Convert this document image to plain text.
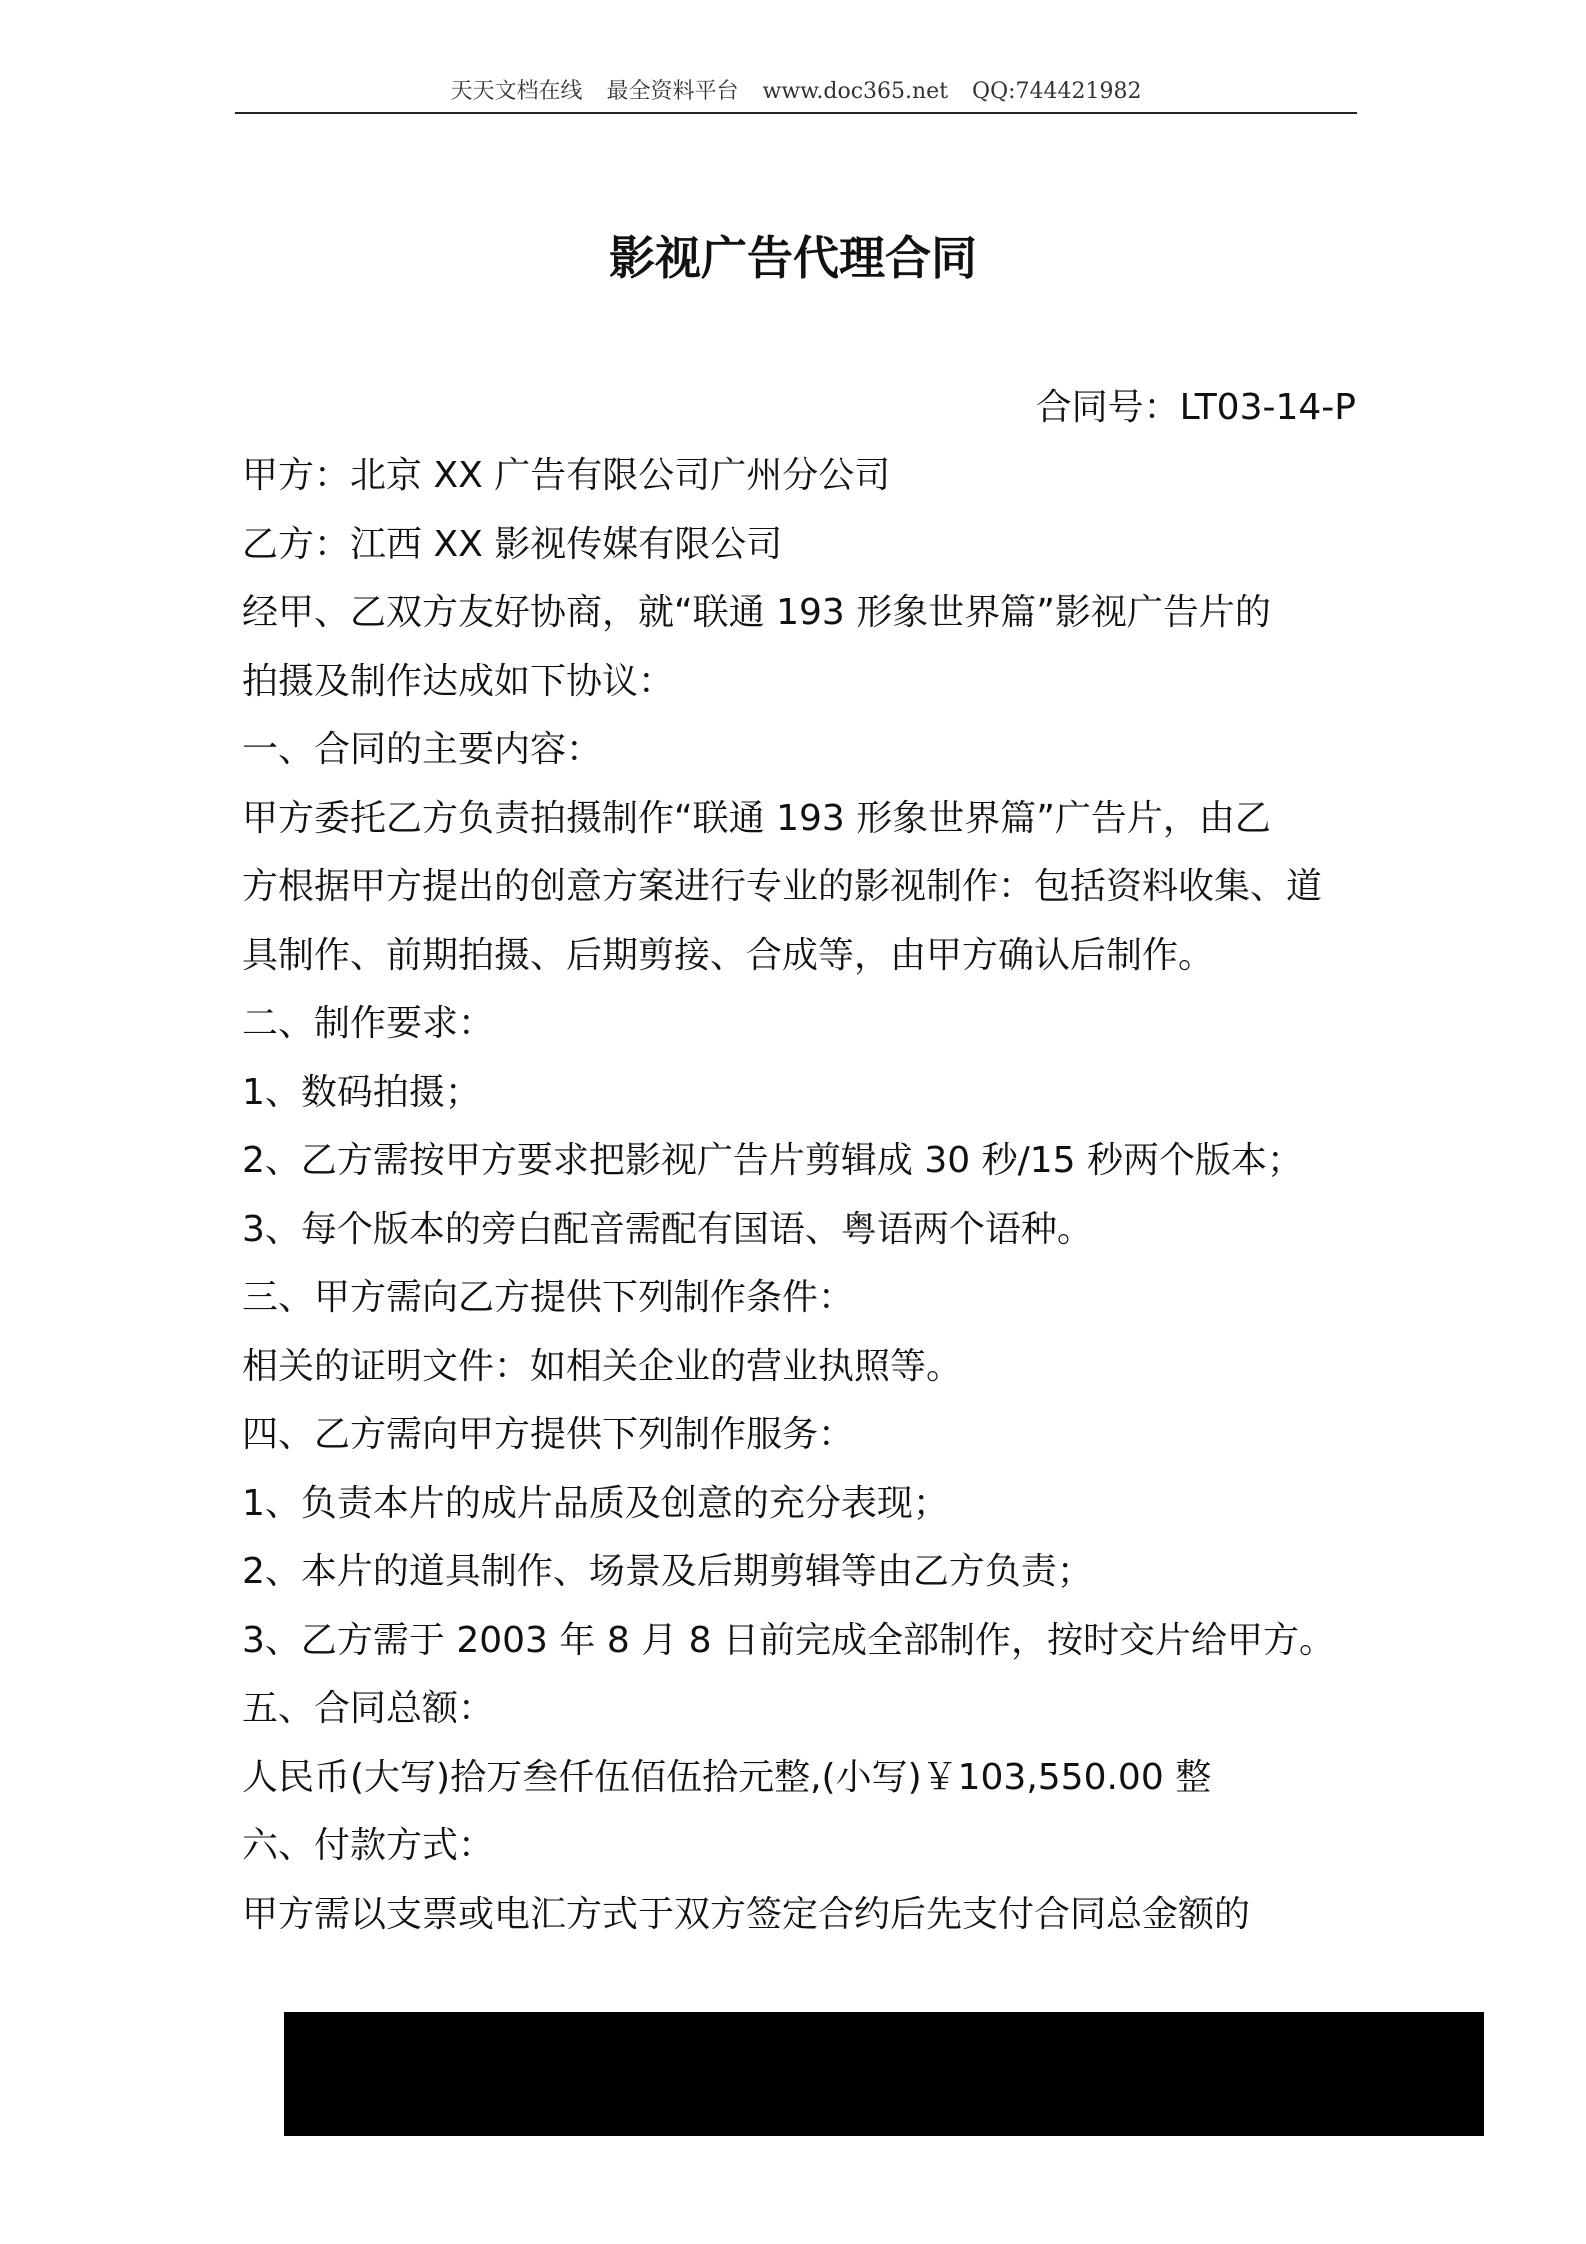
天天文档在线 最全资料平台 www.doc365.net QQ:744421982
影视广告代理合同
合同号：LT03-14-P

甲方：北京 XX 广告有限公司广州分公司

乙方：江西 XX 影视传媒有限公司

经甲、乙双方友好协商，就“联通 193 形象世界篇”影视广告片的

拍摄及制作达成如下协议：

一、合同的主要内容：

甲方委托乙方负责拍摄制作“联通 193 形象世界篇”广告片，由乙

方根据甲方提出的创意方案进行专业的影视制作：包括资料收集、道

具制作、前期拍摄、后期剪接、合成等，由甲方确认后制作。

二、制作要求：

1、数码拍摄；

2、乙方需按甲方要求把影视广告片剪辑成 30 秒/15 秒两个版本；

3、每个版本的旁白配音需配有国语、粤语两个语种。

三、甲方需向乙方提供下列制作条件：

相关的证明文件：如相关企业的营业执照等。

四、乙方需向甲方提供下列制作服务：

1、负责本片的成片品质及创意的充分表现；

2、本片的道具制作、场景及后期剪辑等由乙方负责；

3、乙方需于 2003 年 8 月 8 日前完成全部制作，按时交片给甲方。

五、合同总额：

人民币(大写)拾万叁仟伍佰伍拾元整,(小写)￥103,550.00 整

六、付款方式：

甲方需以支票或电汇方式于双方签定合约后先支付合同总金额的
